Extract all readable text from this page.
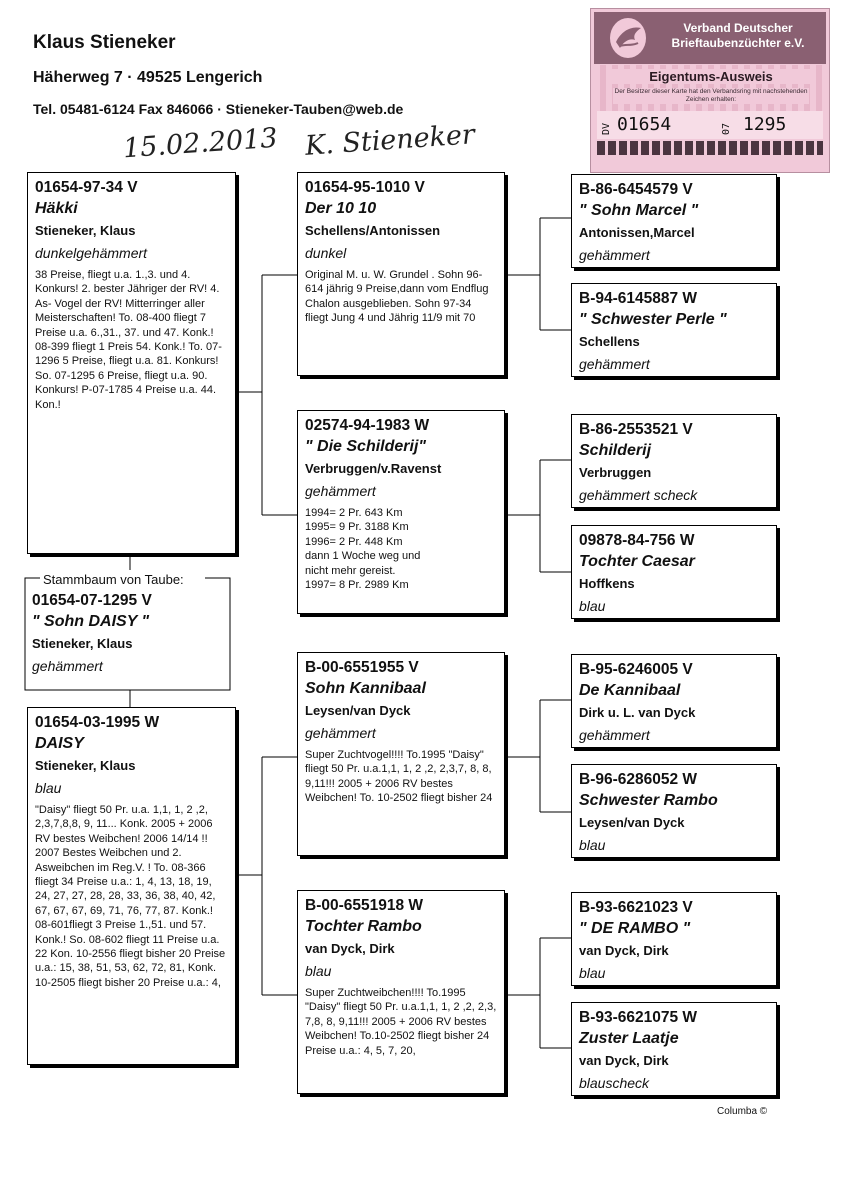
Klaus Stieneker
Häherweg 7 · 49525 Lengerich
Tel. 05481-6124 Fax 846066 · Stieneker-Tauben@web.de
15.02.2013 K. Stieneker
Verband Deutscher Brieftaubenzüchter e.V.
Eigentums-Ausweis
Der Besitzer dieser Karte hat den Verbandsring mit nachstehenden Zeichen erhalten:
DV 01654	07 1295
Stammbaum von Taube:
01654-07-1295 V
" Sohn DAISY "
Stieneker, Klaus
gehämmert
01654-97-34 V
Häkki
Stieneker, Klaus
dunkelgehämmert
38 Preise, fliegt u.a. 1.,3. und 4. Konkurs! 2. bester Jähriger der RV! 4. As- Vogel der RV! Mitterringer aller Meisterschaften! To. 08-400 fliegt 7 Preise u.a. 6.,31., 37. und 47. Konk.! 08-399 fliegt 1 Preis 54. Konk.! To. 07-1296 5 Preise, fliegt u.a. 81. Konkurs! So. 07-1295 6 Preise, fliegt u.a. 90. Konkurs! P-07-1785 4 Preise u.a. 44. Kon.!
01654-03-1995 W
DAISY
Stieneker, Klaus
blau
"Daisy" fliegt 50 Pr. u.a. 1,1, 1, 2 ,2, 2,3,7,8,8, 9, 11... Konk. 2005 + 2006 RV bestes Weibchen! 2006 14/14 !! 2007 Bestes Weibchen und 2. Asweibchen im Reg.V. ! To. 08-366 fliegt 34 Preise u.a.: 1, 4, 13, 18, 19, 24, 27, 27, 28, 28, 33, 36, 38, 40, 42, 67, 67, 67, 69, 71, 76, 77, 87. Konk.! 08-601fliegt 3 Preise 1.,51. und 57. Konk.! So. 08-602 fliegt 11 Preise u.a. 22 Kon. 10-2556 fliegt bisher 20 Preise u.a.: 15, 38, 51, 53, 62, 72, 81, Konk. 10-2505 fliegt bisher 20 Preise u.a.: 4,
01654-95-1010 V
Der 10 10
Schellens/Antonissen
dunkel
Original M. u. W. Grundel . Sohn 96- 614 jährig 9 Preise,dann vom Endflug Chalon ausgeblieben. Sohn 97-34 fliegt Jung 4 und Jährig 11/9 mit 70
02574-94-1983 W
" Die Schilderij"
Verbruggen/v.Ravenst
gehämmert
1994= 2 Pr. 643 Km
1995= 9 Pr. 3188 Km
1996= 2 Pr. 448 Km
dann 1 Woche weg und
nicht mehr gereist.
1997= 8 Pr. 2989 Km
B-00-6551955 V
Sohn Kannibaal
Leysen/van Dyck
gehämmert
Super Zuchtvogel!!!! To.1995 "Daisy" fliegt 50 Pr. u.a.1,1, 1, 2 ,2, 2,3,7, 8, 8, 9,11!!! 2005 + 2006 RV bestes Weibchen! To. 10-2502 fliegt bisher 24
B-00-6551918 W
Tochter Rambo
van Dyck, Dirk
blau
Super Zuchtweibchen!!!! To.1995 "Daisy" fliegt 50 Pr. u.a.1,1, 1, 2 ,2, 2,3, 7,8, 8, 9,11!!! 2005 + 2006 RV bestes Weibchen! To.10-2502 fliegt bisher 24 Preise u.a.: 4, 5, 7, 20,
B-86-6454579 V
" Sohn Marcel "
Antonissen,Marcel
gehämmert
B-94-6145887 W
" Schwester Perle "
Schellens
gehämmert
B-86-2553521 V
Schilderij
Verbruggen
gehämmert scheck
09878-84-756 W
Tochter Caesar
Hoffkens
blau
B-95-6246005 V
De Kannibaal
Dirk u. L. van Dyck
gehämmert
B-96-6286052 W
Schwester Rambo
Leysen/van Dyck
blau
B-93-6621023 V
" DE RAMBO "
van Dyck, Dirk
blau
B-93-6621075 W
Zuster Laatje
van Dyck, Dirk
blauscheck
Columba ©
